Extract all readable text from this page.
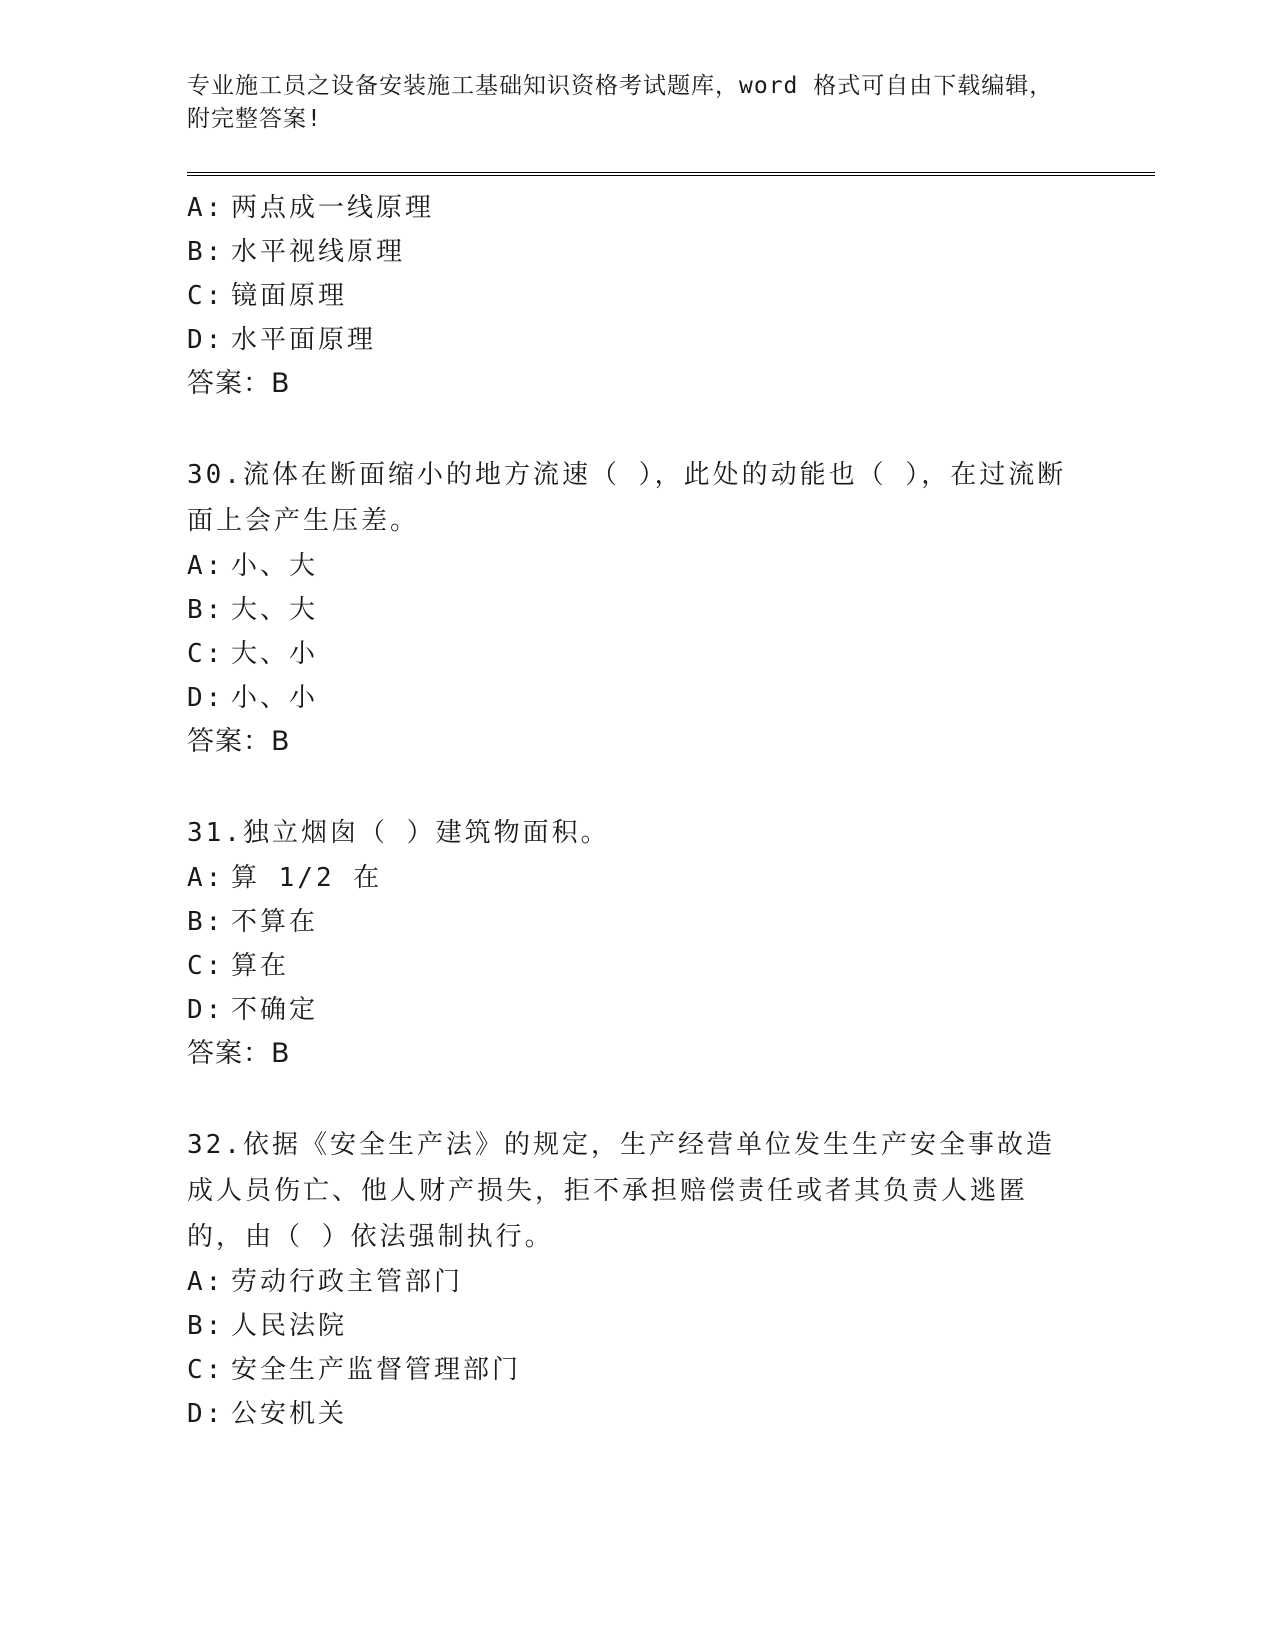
专业施工员之设备安装施工基础知识资格考试题库，word 格式可自由下载编辑，
附完整答案!
A: 两点成一线原理
B: 水平视线原理
C: 镜面原理
D: 水平面原理
答案：B
30.流体在断面缩小的地方流速（ ），此处的动能也（ ），在过流断面上会产生压差。
A: 小、大
B: 大、大
C: 大、小
D: 小、小
答案：B
31.独立烟囱（ ）建筑物面积。
A: 算 1/2 在
B: 不算在
C: 算在
D: 不确定
答案：B
32.依据《安全生产法》的规定，生产经营单位发生生产安全事故造成人员伤亡、他人财产损失，拒不承担赔偿责任或者其负责人逃匿的，由（ ）依法强制执行。
A: 劳动行政主管部门
B: 人民法院
C: 安全生产监督管理部门
D: 公安机关
